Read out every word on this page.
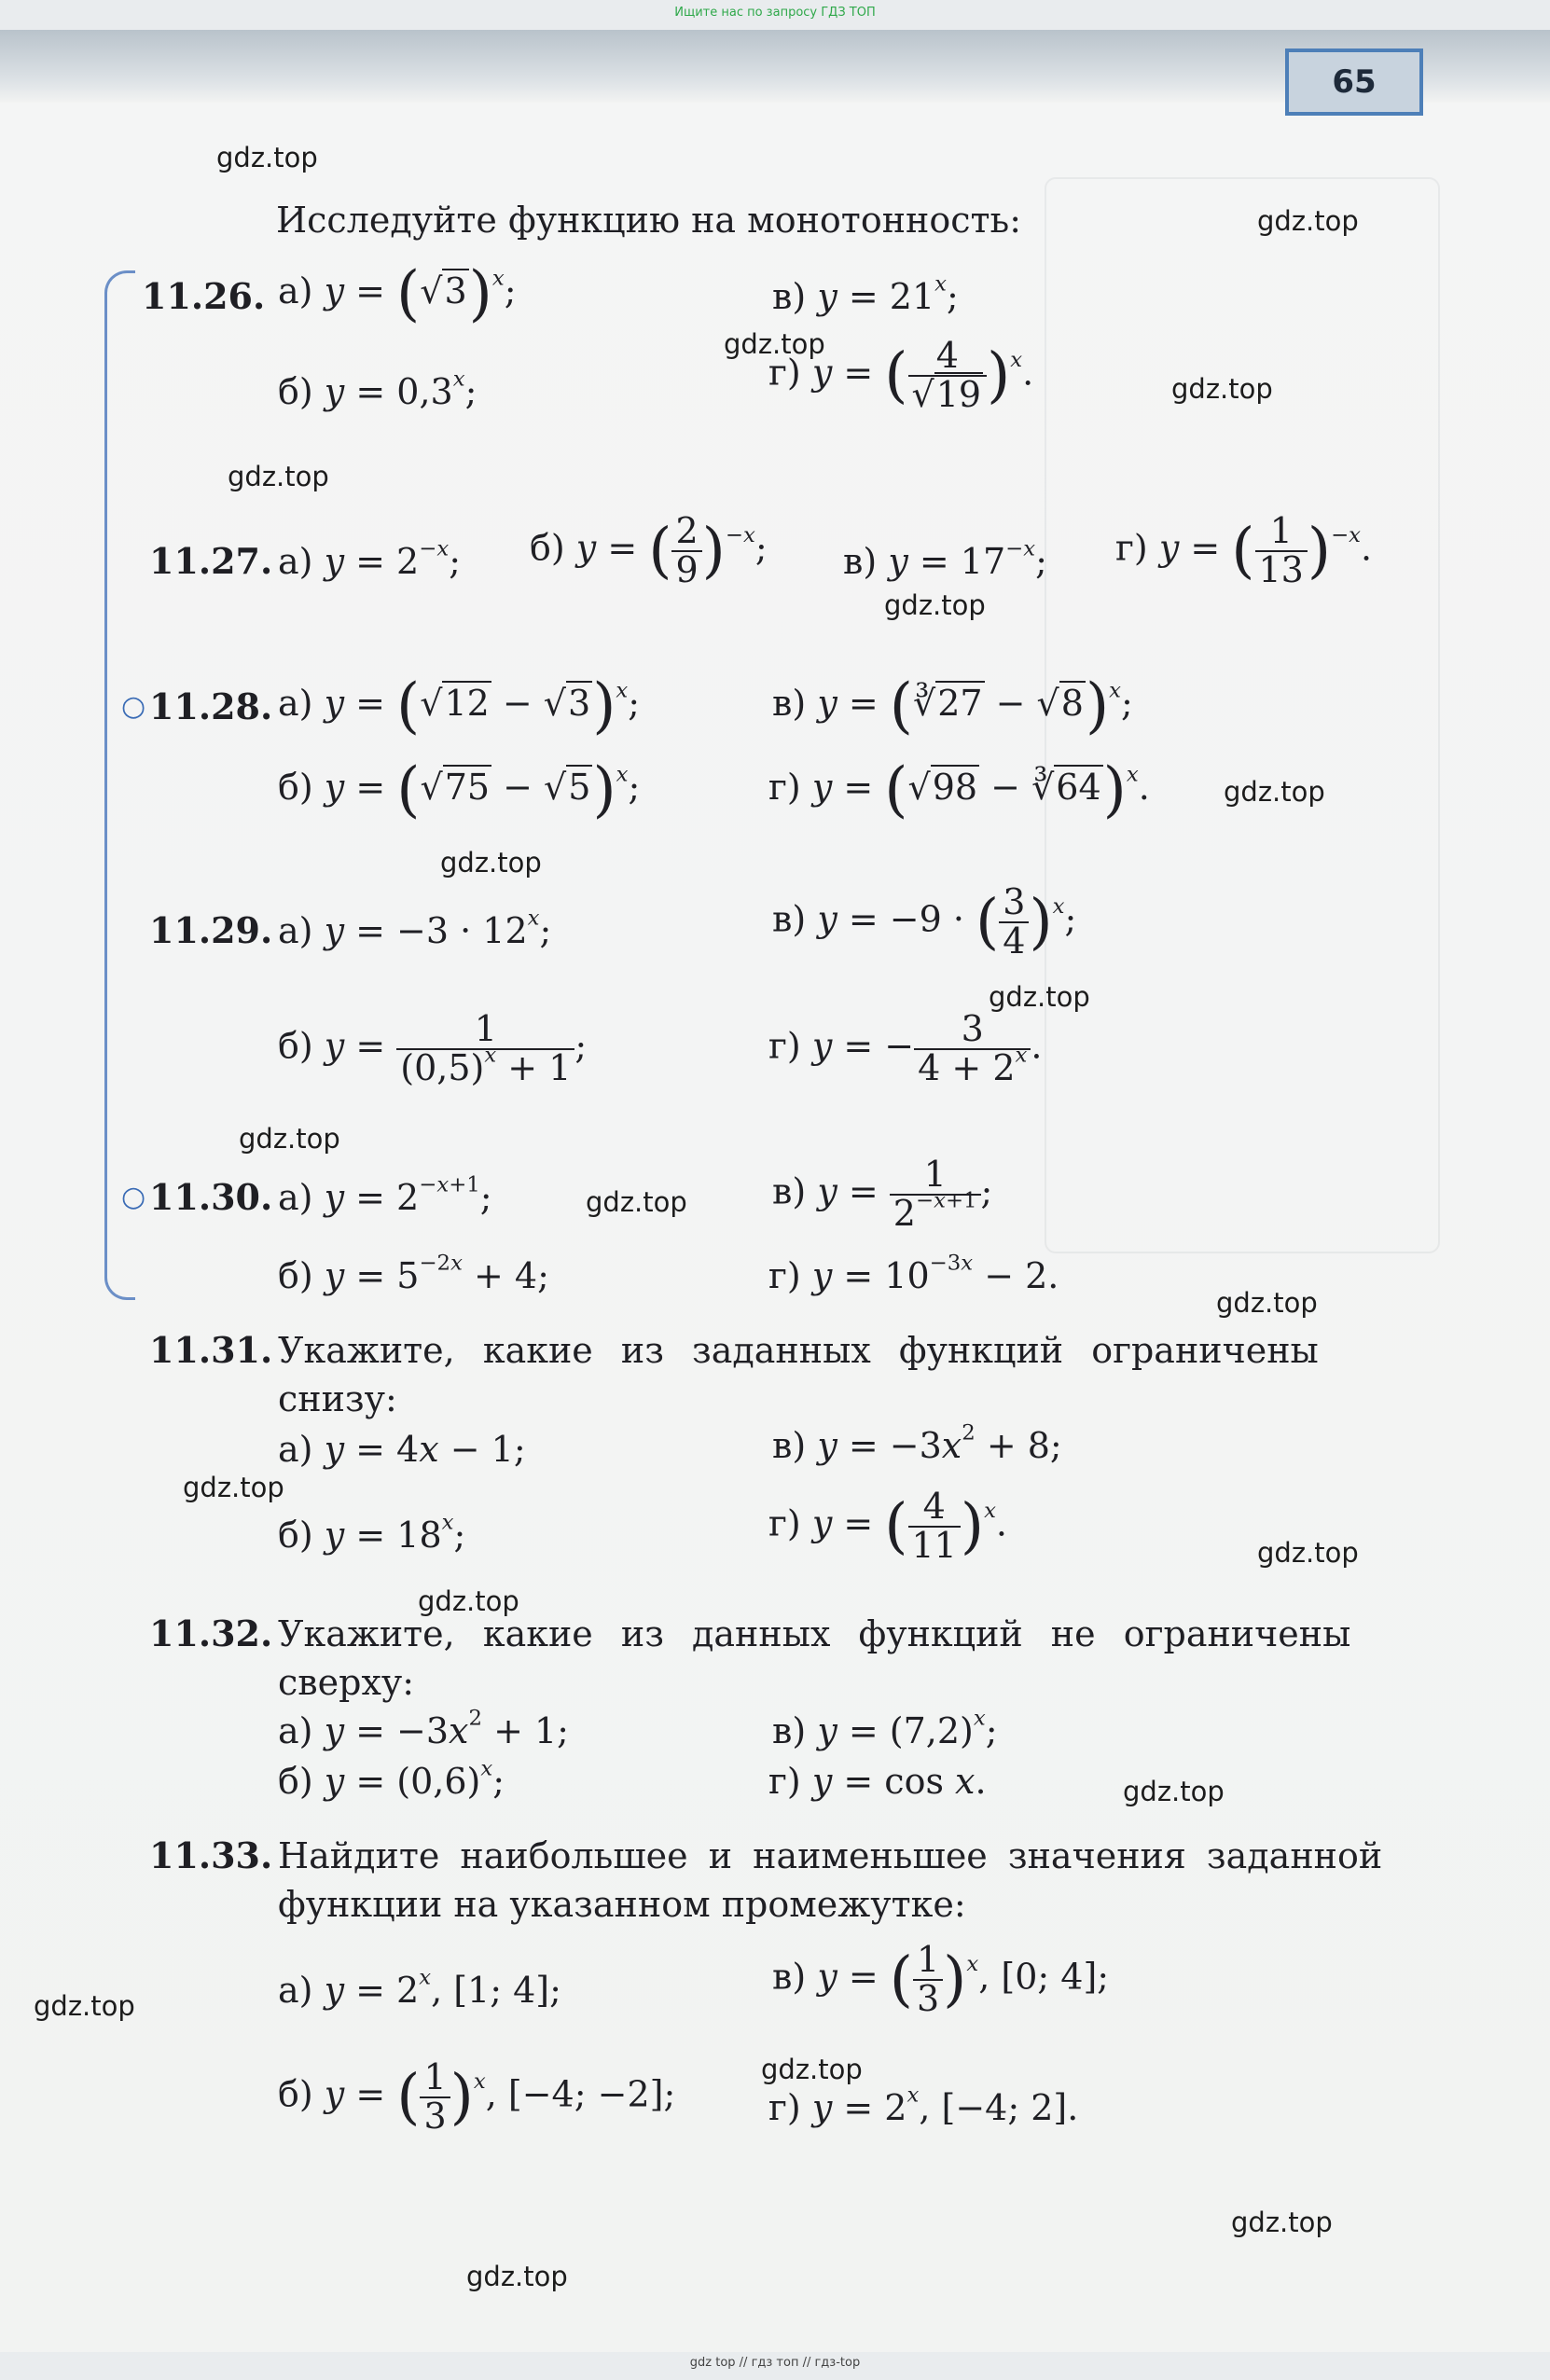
Ищите нас по запросу ГДЗ ТОП
65
gdz.top
gdz.top
gdz.top
gdz.top
gdz.top
gdz.top
gdz.top
gdz.top
gdz.top
gdz.top
gdz.top
gdz.top
gdz.top
gdz.top
gdz.top
gdz.top
gdz.top
gdz.top
gdz.top
gdz.top
Исследуйте функцию на монотонность:
11.26. а) $y = (√3)^x$;	в) $y = 21^x$;
б) $y = 0,3^x$;	г) y = ( $\frac{4}{√19} )^x$.
11.27. а) $y = 2^{-x}$; б) y = ( $\frac{2}{9} )^{-x}$; в) $y = 17^{-x}$; г) y = ( $\frac{1}{13} )^{-x}$.
○ 11.28. а) $y = (√12 - √3)^x$;	в) y = (∛27 − √8)$^x$;
б) $y = (√75 - √5)^x$;	г) y = (√98 − ∛64)$^x$.
11.29. а) $y = -3 \cdot 12^x$;	в) y = −9 · ( $\frac{3}{4} )^x$;
б) $y = \frac{1}{(0,5)^x + 1}$ ;	г) y = − $\frac{3}{4 + 2^x}$ .
○ 11.30. а) $y = 2^{-x+1}$;	в) $y = \frac{1}{2^{-x+1}}$ ;
б) $y = 5^{-2x} + 4$;	г) $y = 10^{-3x} - 2$.
11.31. Укажите, какие из заданных функций ограничены
снизу:
а) y = 4x − 1;	в) $y = -3x^2 + 8$;
б) $y = 18^x$;	г) y = ( $\frac{4}{11} )^x$.
11.32. Укажите, какие из данных функций не ограничены
сверху:
а) $y = -3x^2 + 1$;	в) $y = (7,2)^x$;
б) $y = (0,6)^x$;	г) y = cos x.
11.33. Найдите наибольшее и наименьшее значения заданной
функции на указанном промежутке:
а) $y = 2^x$, [1; 4];	в) y = ( $\frac{1}{3} )^x$, [0; 4];
б) y = ( $\frac{1}{3} )^x$, [−4; −2];	г) $y = 2^x$, [−4; 2].
gdz top // гдз топ // гдз-top
